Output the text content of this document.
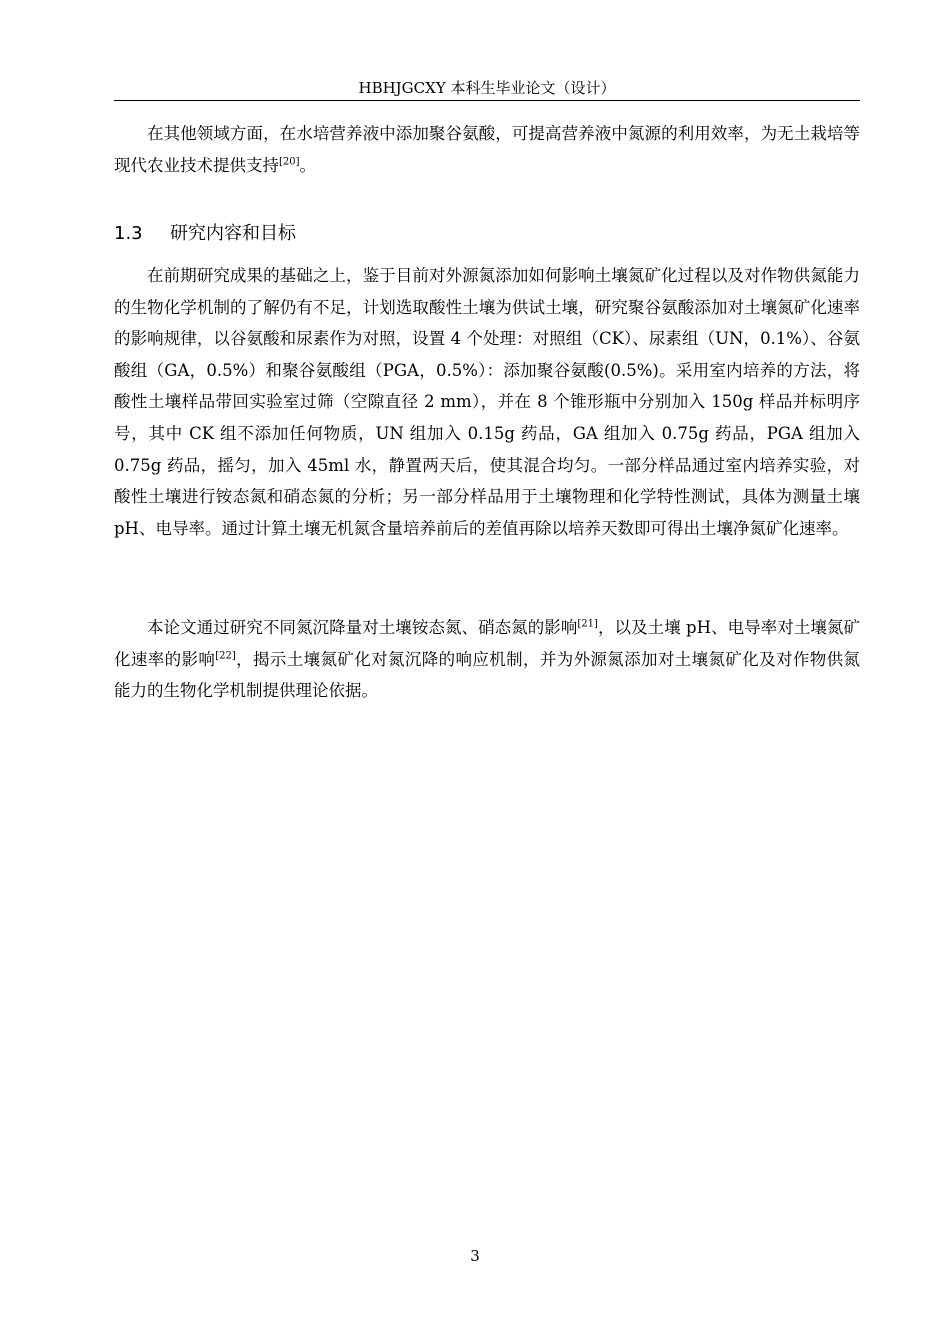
HBHJGCXY 本科生毕业论文（设计）

在其他领域方面，在水培营养液中添加聚谷氨酸，可提高营养液中氮源的利用效率，为无土栽培等现代农业技术提供支持[20]。

1.3 研究内容和目标

在前期研究成果的基础之上，鉴于目前对外源氮添加如何影响土壤氮矿化过程以及对作物供氮能力的生物化学机制的了解仍有不足，计划选取酸性土壤为供试土壤，研究聚谷氨酸添加对土壤氮矿化速率的影响规律，以谷氨酸和尿素作为对照，设置 4 个处理：对照组（CK）、尿素组（UN，0.1%）、谷氨酸组（GA，0.5%）和聚谷氨酸组（PGA，0.5%）：添加聚谷氨酸(0.5%)。采用室内培养的方法，将酸性土壤样品带回实验室过筛（空隙直径 2 mm），并在 8 个锥形瓶中分别加入 150g 样品并标明序号，其中 CK 组不添加任何物质，UN 组加入 0.15g 药品，GA 组加入 0.75g 药品，PGA 组加入 0.75g 药品，摇匀，加入 45ml 水，静置两天后，使其混合均匀。一部分样品通过室内培养实验，对酸性土壤进行铵态氮和硝态氮的分析；另一部分样品用于土壤物理和化学特性测试，具体为测量土壤 pH、电导率。通过计算土壤无机氮含量培养前后的差值再除以培养天数即可得出土壤净氮矿化速率。

本论文通过研究不同氮沉降量对土壤铵态氮、硝态氮的影响[21]，以及土壤 pH、电导率对土壤氮矿化速率的影响[22]，揭示土壤氮矿化对氮沉降的响应机制，并为外源氮添加对土壤氮矿化及对作物供氮能力的生物化学机制提供理论依据。

3
